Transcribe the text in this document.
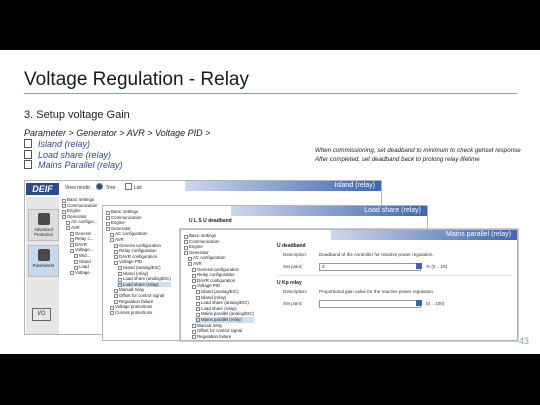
Voltage Regulation - Relay
3. Setup voltage Gain
Parameter > Generator > AVR > Voltage PID >
Island (relay)
Load share (relay)
Mains Parallel (relay)
When commissioning, set deadband to minimum to check genset response
After completed, set deadband back to prolong relay lifetime
DEIF	View mode:	Tree	List
Advanced Protection
Parameters
I/O
Basic settings
Communication
Engine
Generator
AC configur...
AVR
General
Relay c...
DAVR
Voltage...
Wid...
Island
Load
Voltage
Island (relay)
Basic settings
Communication
Engine
Generator
AC configuration
AVR
General configuration
Relay configuration
DAVR configuration
Voltage PID
Island (analog/EIC)
Island (relay)
Load share (analog/EIC)
Load share (relay)
Manual relay
Offset for control signal
Regulation failure
Voltage protections
Current protections
Load share (relay)
U L S U deadband
Basic settings
Communication
Engine
Generator
AC configuration
AVR
General configuration
Relay configuration
DAVR configuration
Voltage PID
Island (analog/EIC)
Island (relay)
Load share (analog/EIC)
Load share (relay)
Mains parallel (analog/EIC)
Mains parallel (relay)
Manual relay
Offset for control signal
Regulation failure
Mains parallel (relay)
U deadband
Description:	Deadband of the controller for reactive power regulation.
Set point:	3	% (0 .. 15)
U Kp relay
Description:	Proportional gain value for the reactive power regulation.
Set point:	(0 .. 100)
43
